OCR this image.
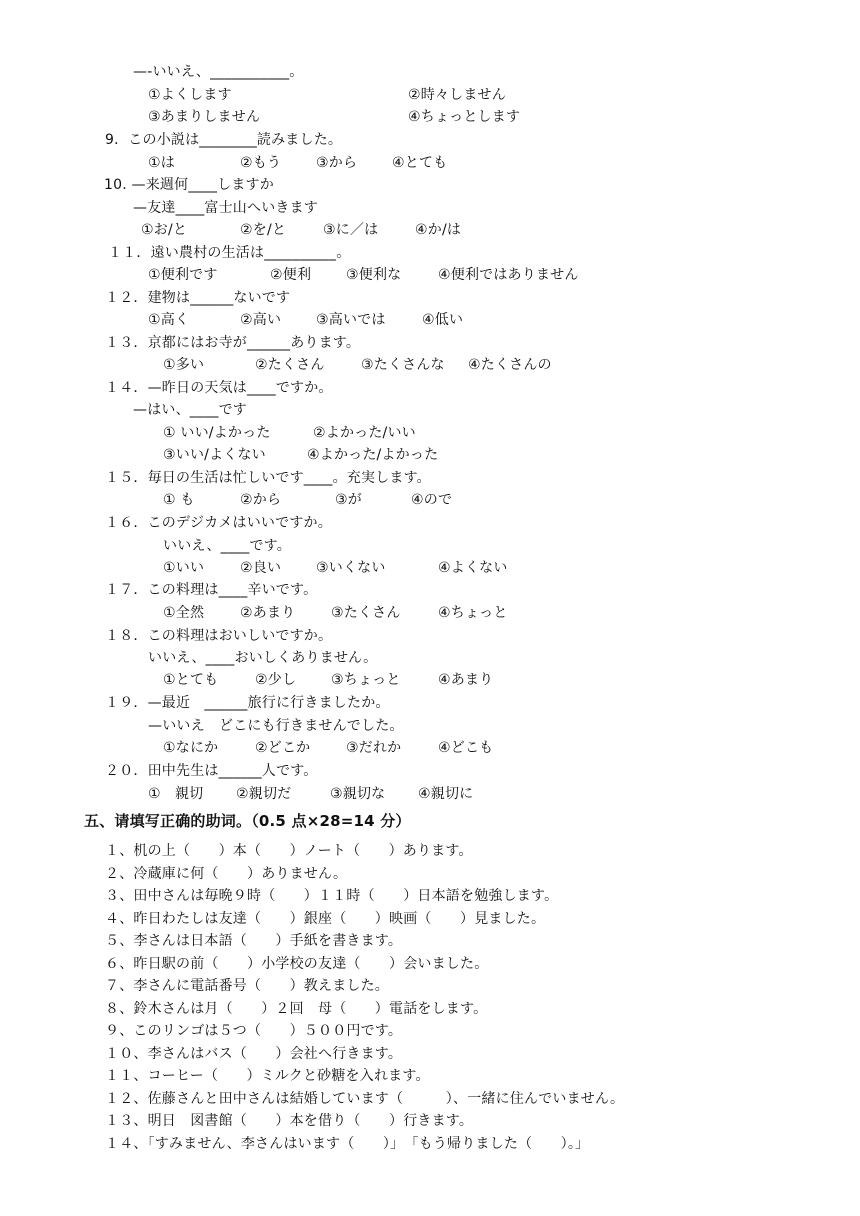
—-いいえ、___________。
①よくします	②時々しません
③あまりしません	④ちょっとします
9．この小説は________読みました。
①は	②もう ③から ④とても
10. —来週何____しますか
—友達____富士山へいきます
①お/と	②を/と	③に／は	④か/は
１１．遠い農村の生活は__________。
①便利です	②便利 ③便利な	④便利ではありません
１２．建物は______ないです
①高く	②高い ③高いでは	④低い
１３．京都にはお寺が______あります。
①多い	②たくさん	③たくさんな ④たくさんの
１４．—昨日の天気は____ですか。
—はい、____です
① いい/よかった	②よかった/いい
③いい/よくない	④よかった/よかった
１５．毎日の生活は忙しいです____。充実します。
① も	②から	③が	④ので
１６．このデジカメはいいですか。
いいえ、____です。
①いい	②良い ③いくない	④よくない
１７．この料理は____辛いです。
①全然	②あまり	③たくさん	④ちょっと
１８．この料理はおいしいですか。
いいえ、____おいしくありません。
①とても	②少し ③ちょっと	④あまり
１９．—最近　______旅行に行きましたか。
—いいえ　どこにも行きませんでした。
①なにか	②どこか	③だれか	④どこも
２０．田中先生は______人です。
①　親切 ②親切だ	③親切な ④親切に
五、请填写正确的助词。（0.5 点×28=14 分）
１、机の上（　　）本（　　）ノート（　　）あります。
２、冷蔵庫に何（　　）ありません。
３、田中さんは毎晩９時（　　）１１時（　　）日本語を勉強します。
４、昨日わたしは友達（　　）銀座（　　）映画（　　）見ました。
５、李さんは日本語（　　）手紙を書きます。
６、昨日駅の前（　　）小学校の友達（　　）会いました。
７、李さんに電話番号（　　）教えました。
８、鈴木さんは月（　　）２回　母（　　）電話をします。
９、このリンゴは５つ（　　）５００円です。
１０、李さんはバス（　　）会社へ行きます。
１１、コーヒー（　　）ミルクと砂糖を入れます。
１２、佐藤さんと田中さんは結婚しています（　　　）、一緒に住んでいません。
１３、明日　図書館（　　）本を借り（　　）行きます。
１４、「すみません、李さんはいます（　　）」　「もう帰りました（　　）。」
